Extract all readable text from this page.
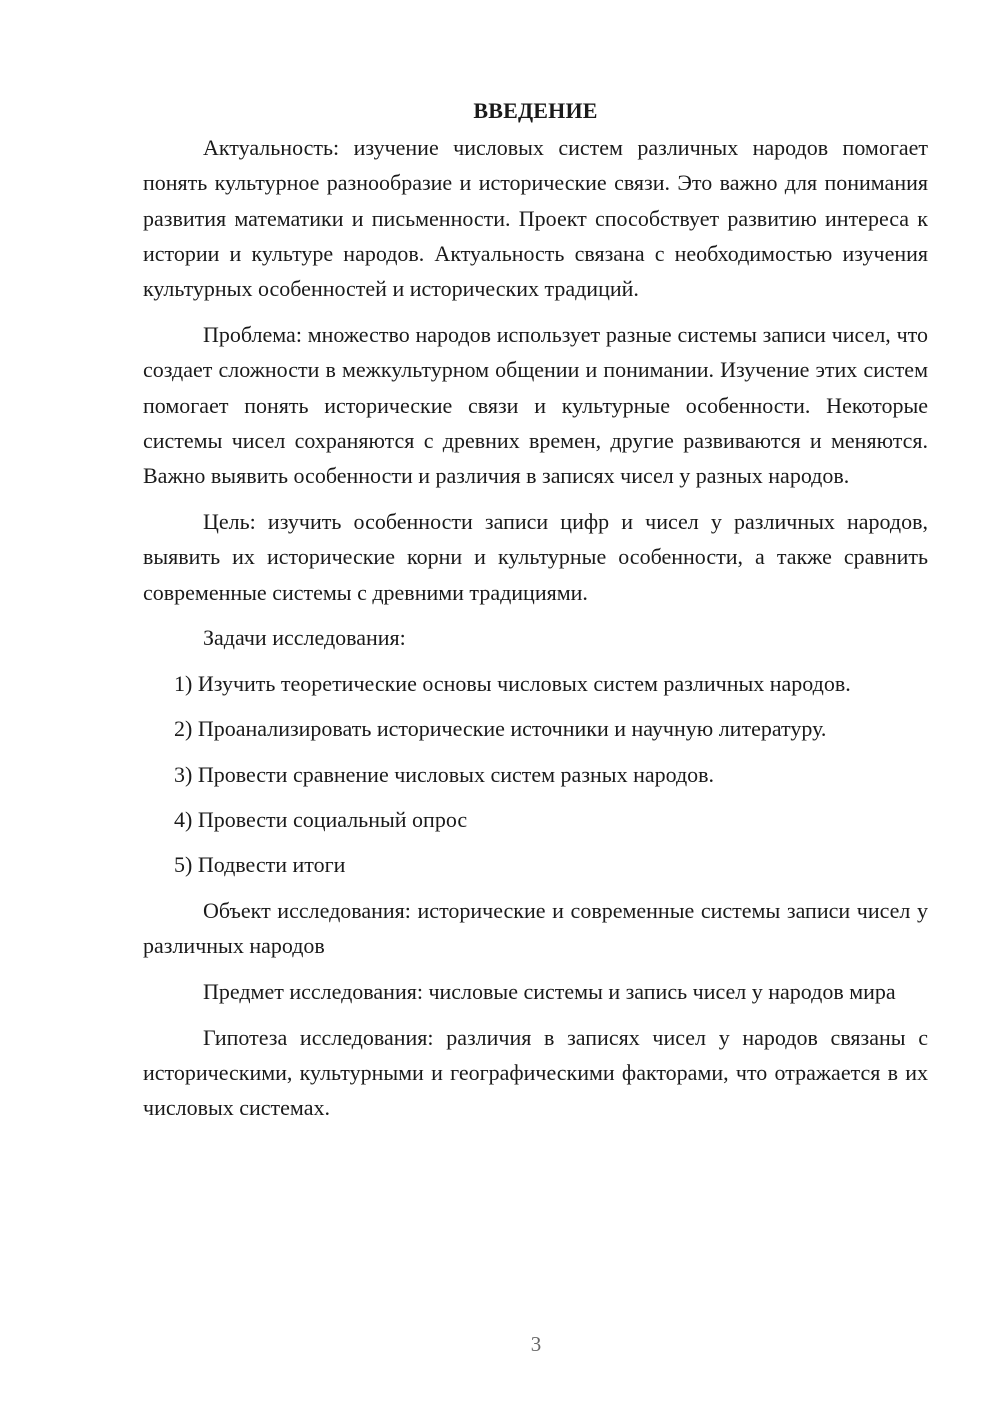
ВВЕДЕНИЕ

Актуальность: изучение числовых систем различных народов помогает понять культурное разнообразие и исторические связи. Это важно для понимания развития математики и письменности. Проект способствует развитию интереса к истории и культуре народов. Актуальность связана с необходимостью изучения культурных особенностей и исторических традиций.

Проблема: множество народов использует разные системы записи чисел, что создает сложности в межкультурном общении и понимании. Изучение этих систем помогает понять исторические связи и культурные особенности. Некоторые системы чисел сохраняются с древних времен, другие развиваются и меняются. Важно выявить особенности и различия в записях чисел у разных народов.

Цель: изучить особенности записи цифр и чисел у различных народов, выявить их исторические корни и культурные особенности, а также сравнить современные системы с древними традициями.

Задачи исследования:

1) Изучить теоретические основы числовых систем различных народов.

2) Проанализировать исторические источники и научную литературу.

3) Провести сравнение числовых систем разных народов.

4) Провести социальный опрос

5) Подвести итоги

Объект исследования: исторические и современные системы записи чисел у различных народов

Предмет исследования: числовые системы и запись чисел у народов мира

Гипотеза исследования: различия в записях чисел у народов связаны с историческими, культурными и географическими факторами, что отражается в их числовых системах.

3
